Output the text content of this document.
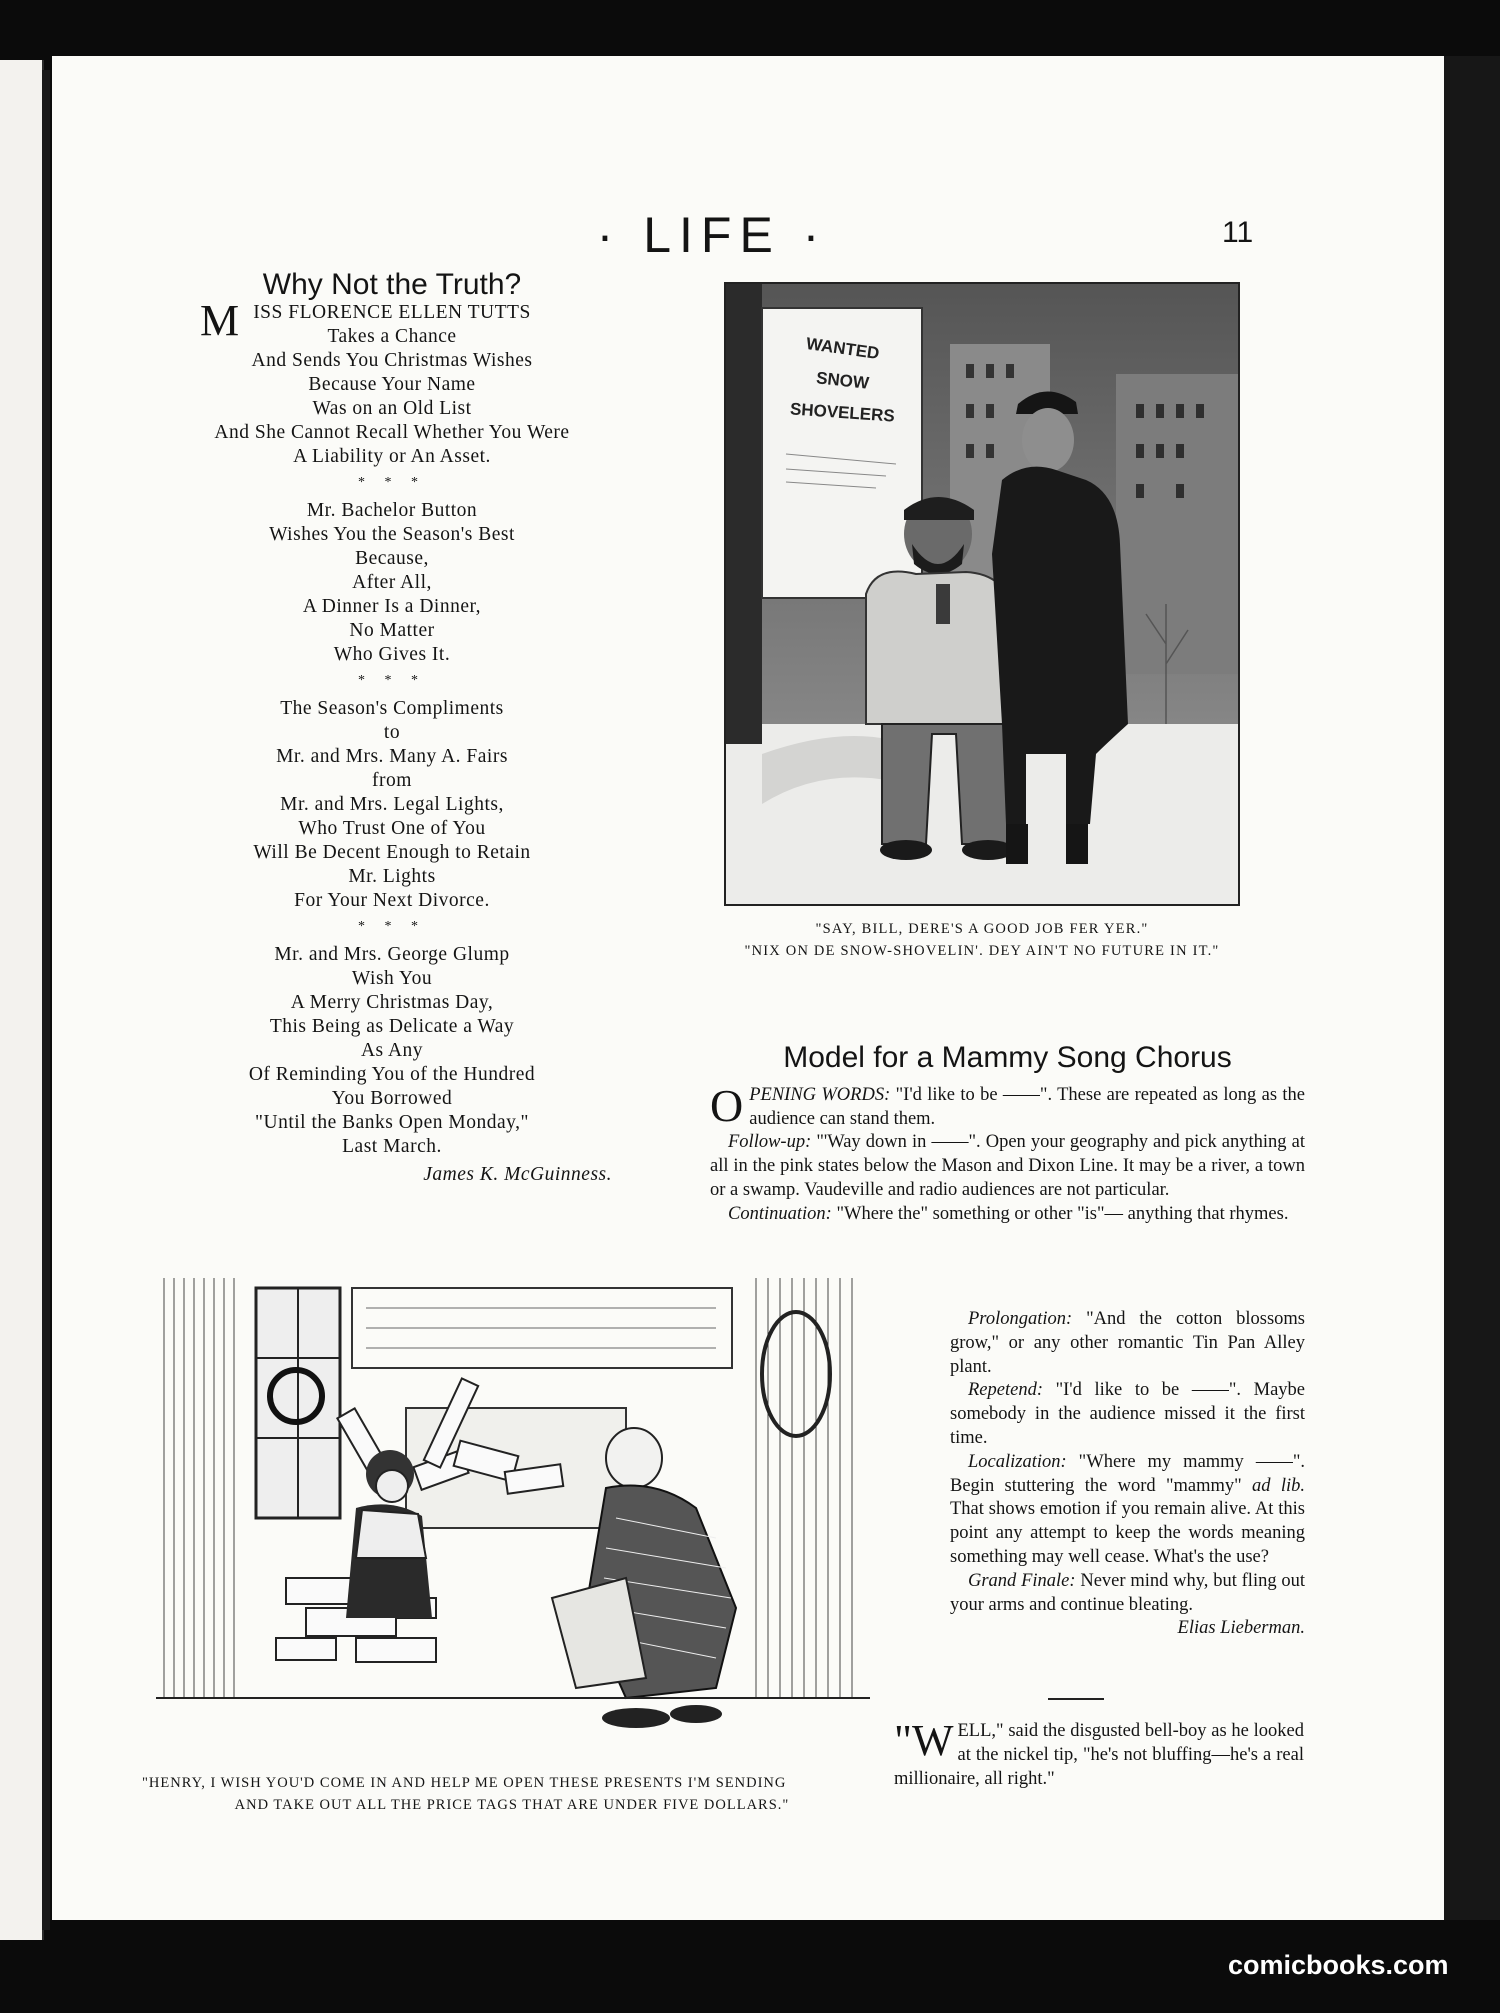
· LIFE ·	11
Why Not the Truth?
M ISS FLORENCE ELLEN TUTTS
Takes a Chance
And Sends You Christmas Wishes
Because Your Name
Was on an Old List
And She Cannot Recall Whether You Were
A Liability or An Asset.
* * *
Mr. Bachelor Button
Wishes You the Season's Best
Because,
After All,
A Dinner Is a Dinner,
No Matter
Who Gives It.
* * *
The Season's Compliments
to
Mr. and Mrs. Many A. Fairs
from
Mr. and Mrs. Legal Lights,
Who Trust One of You
Will Be Decent Enough to Retain
Mr. Lights
For Your Next Divorce.
* * *
Mr. and Mrs. George Glump
Wish You
A Merry Christmas Day,
This Being as Delicate a Way
As Any
Of Reminding You of the Hundred
You Borrowed
"Until the Banks Open Monday,"
Last March.
James K. McGuinness.
WANTED
SNOW
SHOVELERS
"SAY, BILL, DERE'S A GOOD JOB FER YER."
"NIX ON DE SNOW-SHOVELIN'. DEY AIN'T NO FUTURE IN IT."
Model for a Mammy Song Chorus

OPENING WORDS: "I'd like to be ——". These are repeated as long as the audience can stand them.

Follow-up: "'Way down in ——". Open your geography and pick anything at all in the pink states below the Mason and Dixon Line. It may be a river, a town or a swamp. Vaudeville and radio audiences are not particular.

Continuation: "Where the" something or other "is"— anything that rhymes.

Prolongation: "And the cotton blossoms grow," or any other romantic Tin Pan Alley plant.

Repetend: "I'd like to be ——". Maybe somebody in the audience missed it the first time.

Localization: "Where my mammy ——". Begin stuttering the word "mammy" ad lib. That shows emotion if you remain alive. At this point any attempt to keep the words meaning something may well cease. What's the use?

Grand Finale: Never mind why, but fling out your arms and continue bleating.
Elias Lieberman.

"W ELL," said the disgusted bell-boy as he looked at the nickel tip, "he's not bluffing—he's a real millionaire, all right."
"HENRY, I WISH YOU'D COME IN AND HELP ME OPEN THESE PRESENTS I'M SENDING
AND TAKE OUT ALL THE PRICE TAGS THAT ARE UNDER FIVE DOLLARS."
comicbooks.com
